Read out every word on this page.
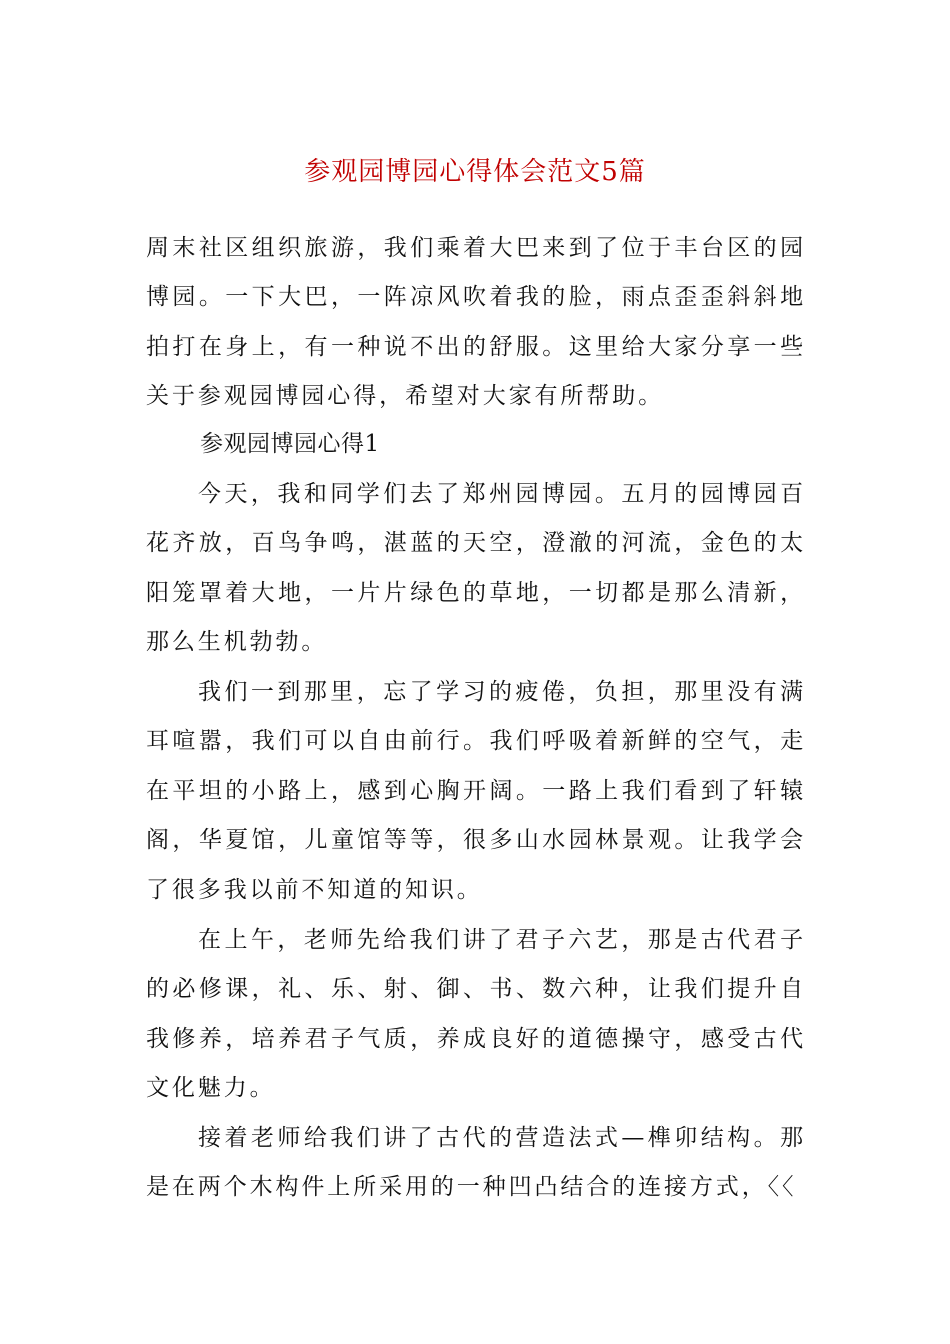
参观园博园心得体会范文5篇

周末社区组织旅游，我们乘着大巴来到了位于丰台区的园博园。一下大巴，一阵凉风吹着我的脸，雨点歪歪斜斜地拍打在身上，有一种说不出的舒服。这里给大家分享一些关于参观园博园心得，希望对大家有所帮助。

参观园博园心得1

今天，我和同学们去了郑州园博园。五月的园博园百花齐放，百鸟争鸣，湛蓝的天空，澄澈的河流，金色的太阳笼罩着大地，一片片绿色的草地，一切都是那么清新，那么生机勃勃。

我们一到那里，忘了学习的疲倦，负担，那里没有满耳喧嚣，我们可以自由前行。我们呼吸着新鲜的空气，走在平坦的小路上，感到心胸开阔。一路上我们看到了轩辕阁，华夏馆，儿童馆等等，很多山水园林景观。让我学会了很多我以前不知道的知识。

在上午，老师先给我们讲了君子六艺，那是古代君子的必修课，礼、乐、射、御、书、数六种，让我们提升自我修养，培养君子气质，养成良好的道德操守，感受古代文化魅力。

接着老师给我们讲了古代的营造法式—榫卯结构。那是在两个木构件上所采用的一种凹凸结合的连接方式，〈〈
